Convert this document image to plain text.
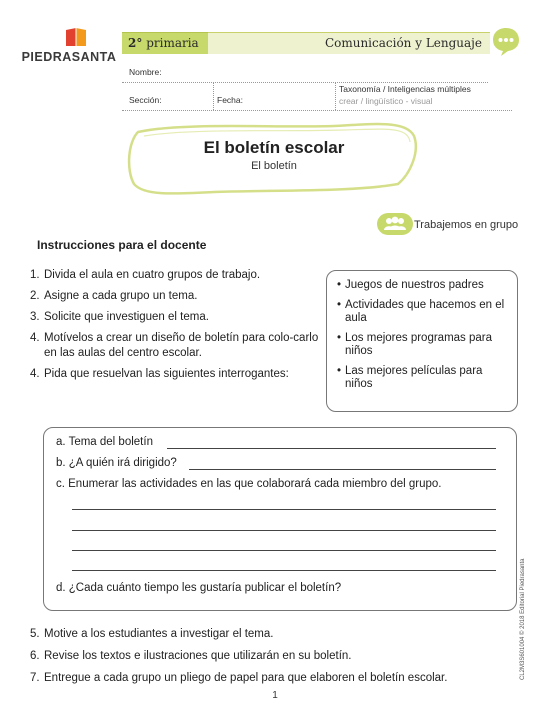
PIEDRASANTA
2° primaria	Comunicación y Lenguaje
Nombre:
Sección:	Fecha:
Taxonomía / Inteligencias múltiples
crear / lingüístico - visual
El boletín escolar
El boletín
Trabajemos en grupo
Instrucciones para el docente
1. Divida el aula en cuatro grupos de trabajo.
2. Asigne a cada grupo un tema.
3. Solicite que investiguen el tema.
4. Motívelos a crear un diseño de boletín para colo-carlo en las aulas del centro escolar.
4. Pida que resuelvan las siguientes interrogantes:
• Juegos de nuestros padres
• Actividades que hacemos en el aula
• Los mejores programas para niños
• Las mejores películas para niños
a. Tema del boletín
b. ¿A quién irá dirigido?
c. Enumerar las actividades en las que colaborará cada miembro del grupo.
d. ¿Cada cuánto tiempo les gustaría publicar el boletín?
5. Motive a los estudiantes a investigar el tema.
6. Revise los textos e ilustraciones que utilizarán en su boletín.
7. Entregue a cada grupo un pliego de papel para que elaboren el boletín escolar.	CL2M3S601004 © 2018 Editorial Piedrasanta
1
